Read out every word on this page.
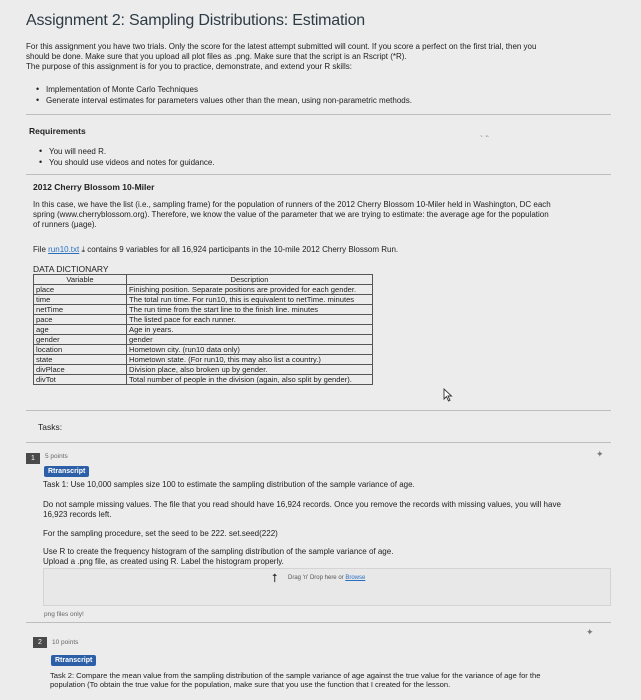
Assignment 2: Sampling Distributions: Estimation
For this assignment you have two trials. Only the score for the latest attempt submitted will count. If you score a perfect on the first trial, then you
should be done. Make sure that you upload all plot files as .png. Make sure that the script is an Rscript (*R).
The purpose of this assignment is for you to practice, demonstrate, and extend your R skills:
• Implementation of Monte Carlo Techniques
• Generate interval estimates for parameters values other than the mean, using non-parametric methods.
Requirements
• You will need R.
• You should use videos and notes for guidance.
˴ ˵
2012 Cherry Blossom 10-Miler
In this case, we have the list (i.e., sampling frame) for the population of runners of the 2012 Cherry Blossom 10-Miler held in Washington, DC each
spring (www.cherryblossom.org). Therefore, we know the value of the parameter that we are trying to estimate: the average age for the population
of runners (μage).
File run10.txt ⤓ contains 9 variables for all 16,924 participants in the 10-mile 2012 Cherry Blossom Run.
DATA DICTIONARY
Variable	Description
place	Finishing position. Separate positions are provided for each gender.
time	The total run time. For run10, this is equivalent to netTime. minutes
netTime	The run time from the start line to the finish line. minutes
pace	The listed pace for each runner.
age	Age in years.
gender	gender
location	Hometown city. (run10 data only)
state	Hometown state. (For run10, this may also list a country.)
divPlace	Division place, also broken up by gender.
divTot	Total number of people in the division (again, also split by gender).
Tasks:
1	5 points	✦
Rtranscript
Task 1: Use 10,000 samples size 100 to estimate the sampling distribution of the sample variance of age.
Do not sample missing values. The file that you read should have 16,924 records. Once you remove the records with missing values, you will have
16,923 records left.
For the sampling procedure, set the seed to be 222. set.seed(222)
Use R to create the frequency histogram of the sampling distribution of the sample variance of age.
Upload a .png file, as created using R. Label the histogram properly.
⭡ Drag 'n' Drop here or Browse
png files only!
2	10 points
✦
Rtranscript
Task 2: Compare the mean value from the sampling distribution of the sample variance of age against the true value for the variance of age for the
population (To obtain the true value for the population, make sure that you use the function that I created for the lesson.
